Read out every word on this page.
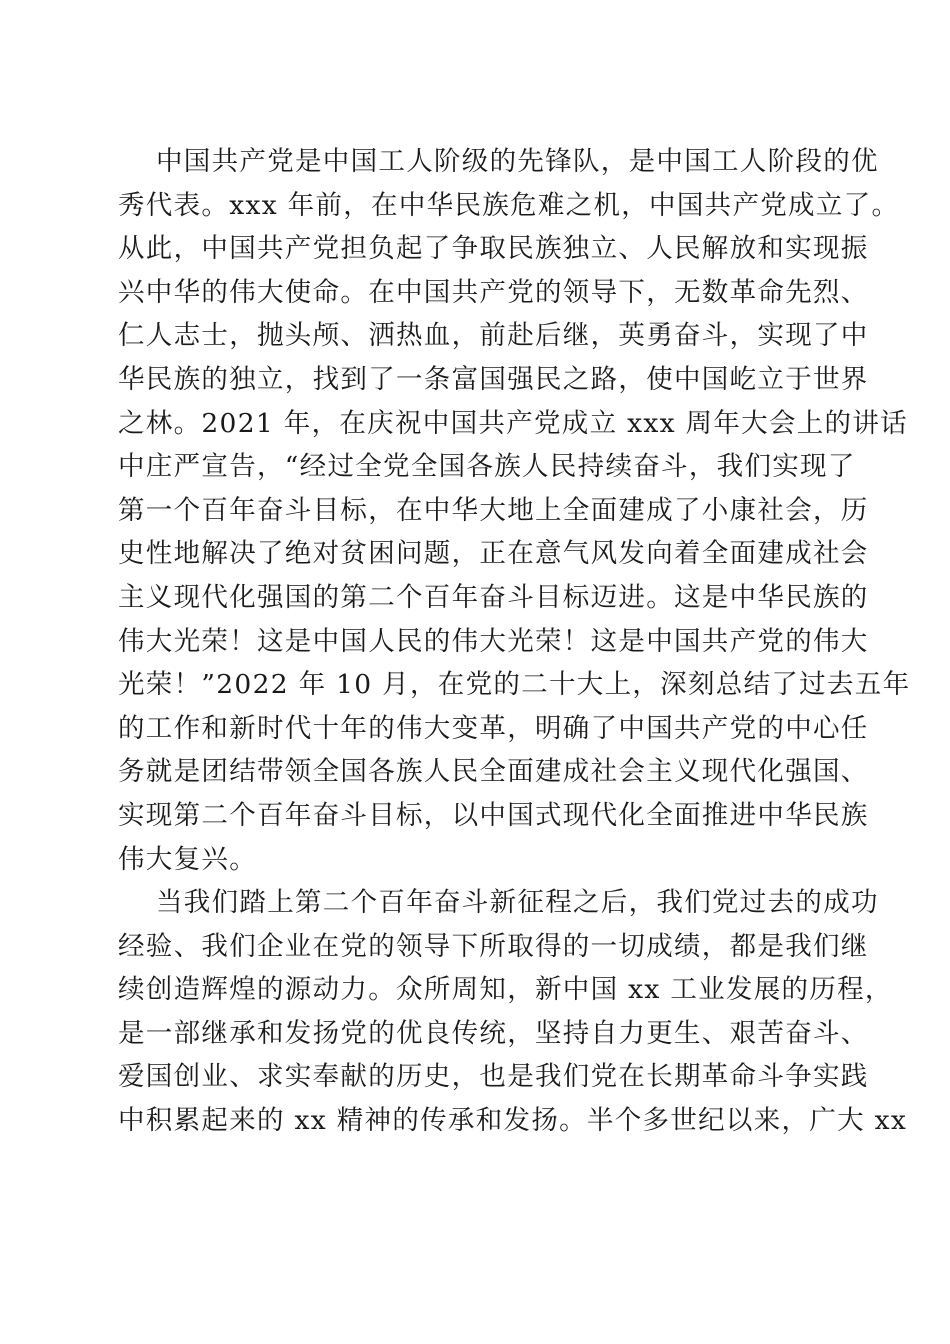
中国共产党是中国工人阶级的先锋队，是中国工人阶段的优
秀代表。xxx 年前，在中华民族危难之机，中国共产党成立了。
从此，中国共产党担负起了争取民族独立、人民解放和实现振
兴中华的伟大使命。在中国共产党的领导下，无数革命先烈、
仁人志士，抛头颅、洒热血，前赴后继，英勇奋斗，实现了中
华民族的独立，找到了一条富国强民之路，使中国屹立于世界
之林。2021 年，在庆祝中国共产党成立 xxx 周年大会上的讲话
中庄严宣告，“经过全党全国各族人民持续奋斗，我们实现了
第一个百年奋斗目标，在中华大地上全面建成了小康社会，历
史性地解决了绝对贫困问题，正在意气风发向着全面建成社会
主义现代化强国的第二个百年奋斗目标迈进。这是中华民族的
伟大光荣！这是中国人民的伟大光荣！这是中国共产党的伟大
光荣！”2022 年 10 月，在党的二十大上，深刻总结了过去五年
的工作和新时代十年的伟大变革，明确了中国共产党的中心任
务就是团结带领全国各族人民全面建成社会主义现代化强国、
实现第二个百年奋斗目标，以中国式现代化全面推进中华民族
伟大复兴。
当我们踏上第二个百年奋斗新征程之后，我们党过去的成功
经验、我们企业在党的领导下所取得的一切成绩，都是我们继
续创造辉煌的源动力。众所周知，新中国 xx 工业发展的历程，
是一部继承和发扬党的优良传统，坚持自力更生、艰苦奋斗、
爱国创业、求实奉献的历史，也是我们党在长期革命斗争实践
中积累起来的 xx 精神的传承和发扬。半个多世纪以来，广大 xx
